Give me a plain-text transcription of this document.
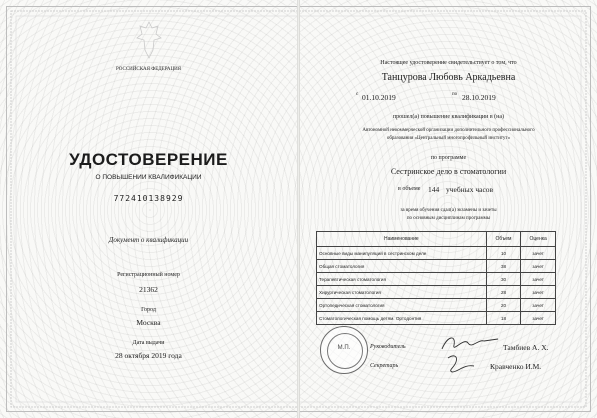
РОССИЙСКАЯ ФЕДЕРАЦИЯ
УДОСТОВЕРЕНИЕ
О ПОВЫШЕНИИ КВАЛИФИКАЦИИ
772410138929
Документ о квалификации
Регистрационный номер
21362
Город
Москва
Дата выдачи
28 октября 2019 года
Настоящее удостоверение свидетельствует о том, что
Танцурова Любовь Аркадьевна
с 01.10.2019	по 28.10.2019
прошел(а) повышение квалификации в (на)
Автономной некоммерческой организации дополнительного профессионального
образования «Центральный многопрофильный институт»
по программе
Сестринское дело в стоматологии
в объеме 144 учебных часов
за время обучения сдал(а) экзамены и зачеты
по основным дисциплинам программы
Наименование	Объем	Оценка
Основные виды манипуляций в сестринском деле	10	зачет
Общая стоматология	38	зачет
Терапевтическая стоматология	30	зачет
Хирургическая стоматология	28	зачет
Ортопедическая стоматология	20	зачет
Стоматологическая помощь детям. Ортодонтия	18	зачет
М.П.	Руководитель
Секретарь
Тамбиев А. Х.
Кравченко И.М.
